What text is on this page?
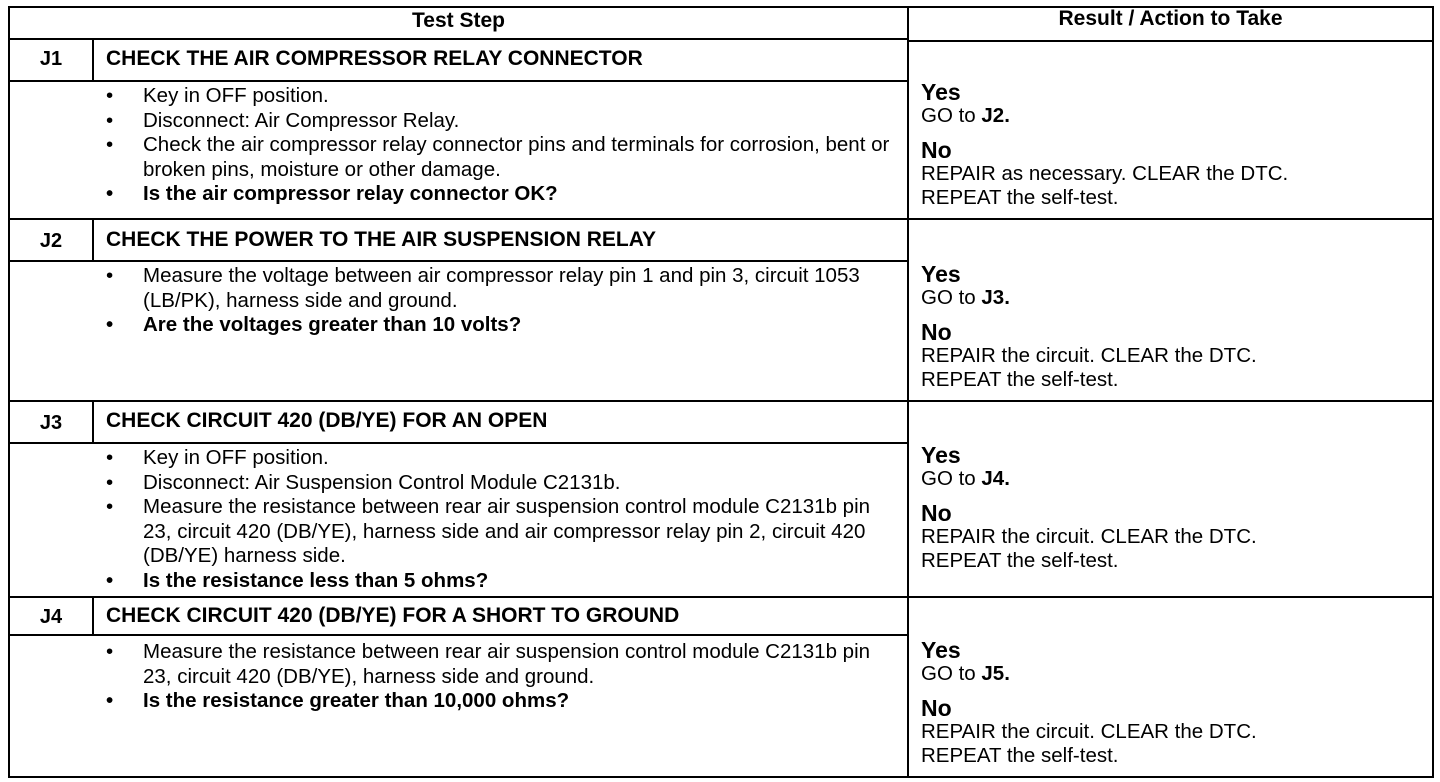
Test Step	Result / Action to Take
J1	CHECK THE AIR COMPRESSOR RELAY CONNECTOR
• Key in OFF position.
• Disconnect: Air Compressor Relay.
• Check the air compressor relay connector pins and terminals for corrosion, bent or broken pins, moisture or other damage.
• Is the air compressor relay connector OK?
Yes
GO to J2.
No
REPAIR as necessary. CLEAR the DTC.
REPEAT the self-test.
J2	CHECK THE POWER TO THE AIR SUSPENSION RELAY
• Measure the voltage between air compressor relay pin 1 and pin 3, circuit 1053 (LB/PK), harness side and ground.
• Are the voltages greater than 10 volts?
Yes
GO to J3.
No
REPAIR the circuit. CLEAR the DTC.
REPEAT the self-test.
J3	CHECK CIRCUIT 420 (DB/YE) FOR AN OPEN
• Key in OFF position.
• Disconnect: Air Suspension Control Module C2131b.
• Measure the resistance between rear air suspension control module C2131b pin 23, circuit 420 (DB/YE), harness side and air compressor relay pin 2, circuit 420 (DB/YE) harness side.
• Is the resistance less than 5 ohms?
Yes
GO to J4.
No
REPAIR the circuit. CLEAR the DTC.
REPEAT the self-test.
J4	CHECK CIRCUIT 420 (DB/YE) FOR A SHORT TO GROUND
• Measure the resistance between rear air suspension control module C2131b pin 23, circuit 420 (DB/YE), harness side and ground.
• Is the resistance greater than 10,000 ohms?
Yes
GO to J5.
No
REPAIR the circuit. CLEAR the DTC.
REPEAT the self-test.
